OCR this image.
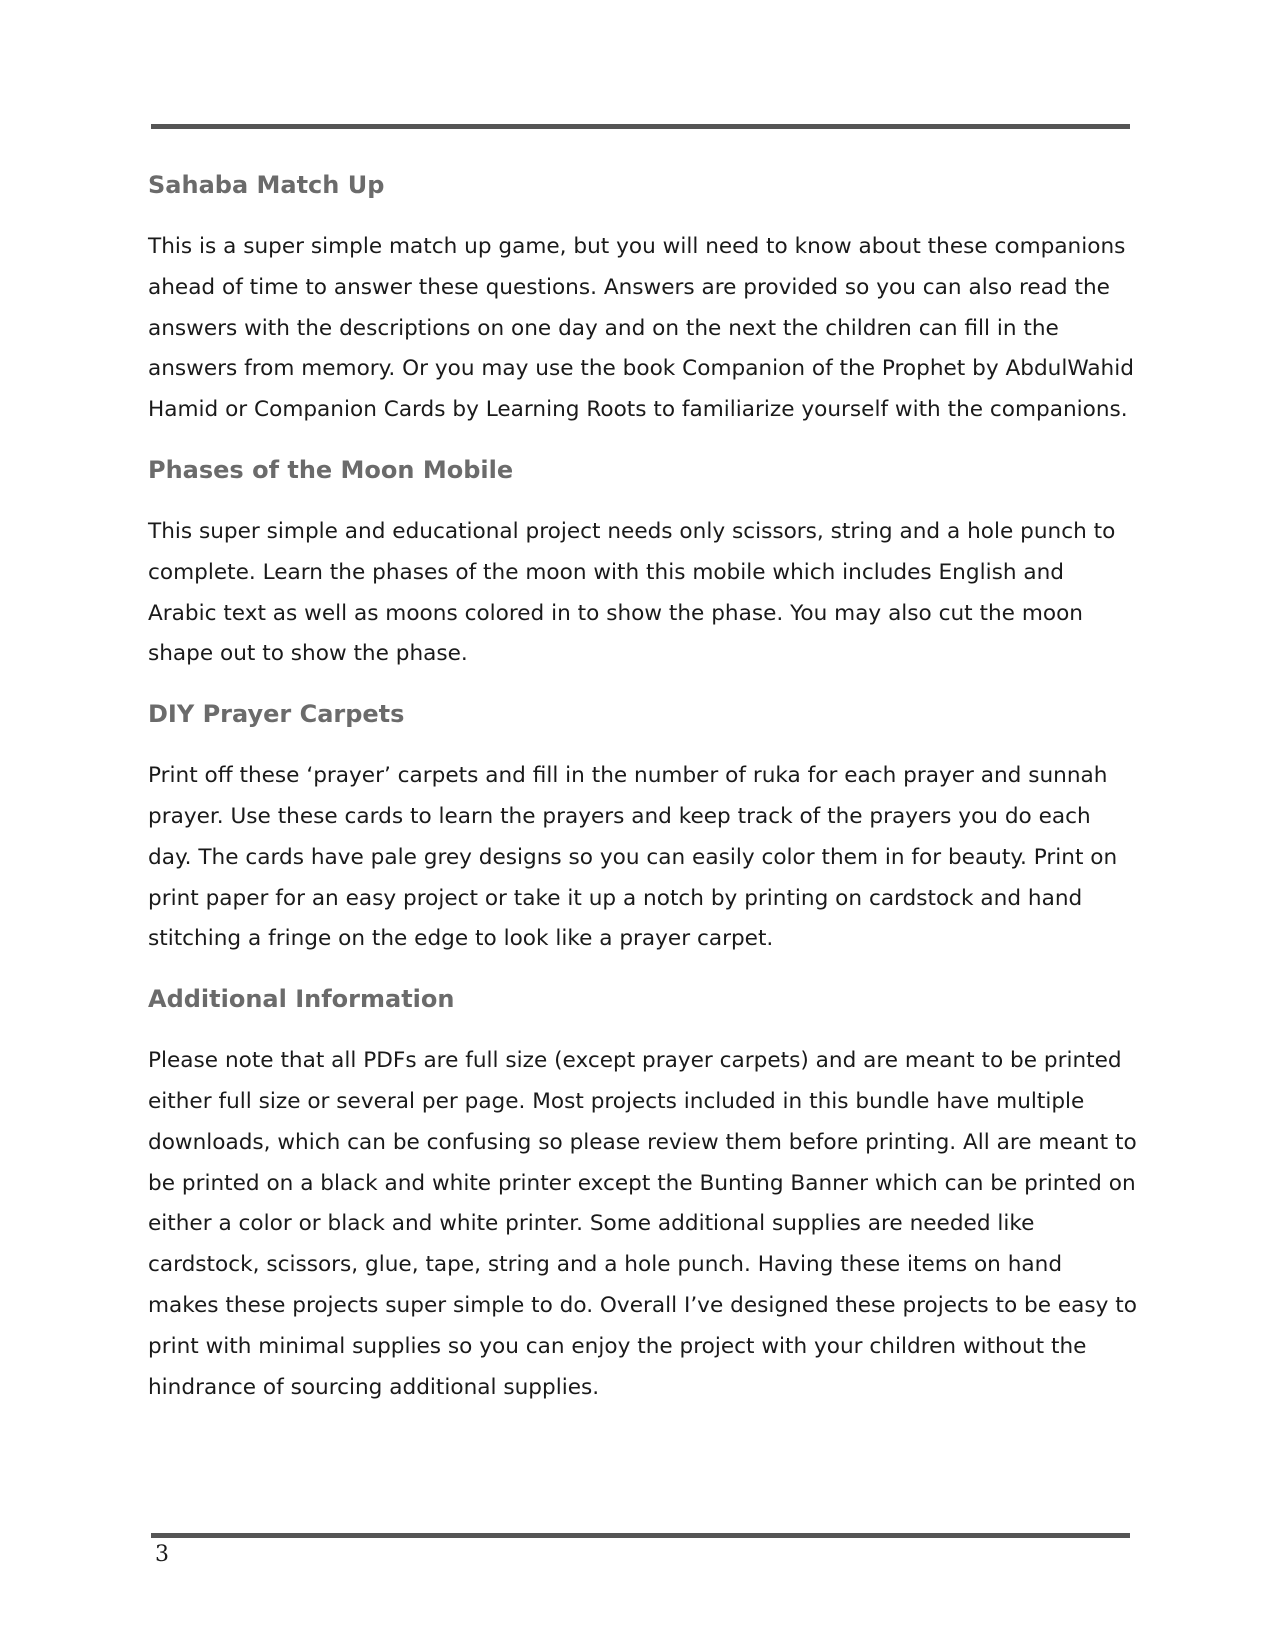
Sahaba Match Up

This is a super simple match up game, but you will need to know about these companions ahead of time to answer these questions. Answers are provided so you can also read the answers with the descriptions on one day and on the next the children can fill in the answers from memory. Or you may use the book Companion of the Prophet by AbdulWahid Hamid or Companion Cards by Learning Roots to familiarize yourself with the companions.

Phases of the Moon Mobile

This super simple and educational project needs only scissors, string and a hole punch to complete. Learn the phases of the moon with this mobile which includes English and Arabic text as well as moons colored in to show the phase. You may also cut the moon shape out to show the phase.

DIY Prayer Carpets

Print off these ‘prayer’ carpets and fill in the number of ruka for each prayer and sunnah prayer. Use these cards to learn the prayers and keep track of the prayers you do each day. The cards have pale grey designs so you can easily color them in for beauty. Print on print paper for an easy project or take it up a notch by printing on cardstock and hand stitching a fringe on the edge to look like a prayer carpet.

Additional Information

Please note that all PDFs are full size (except prayer carpets) and are meant to be printed either full size or several per page. Most projects included in this bundle have multiple downloads, which can be confusing so please review them before printing. All are meant to be printed on a black and white printer except the Bunting Banner which can be printed on either a color or black and white printer. Some additional supplies are needed like cardstock, scissors, glue, tape, string and a hole punch. Having these items on hand makes these projects super simple to do. Overall I’ve designed these projects to be easy to print with minimal supplies so you can enjoy the project with your children without the hindrance of sourcing additional supplies.

3
